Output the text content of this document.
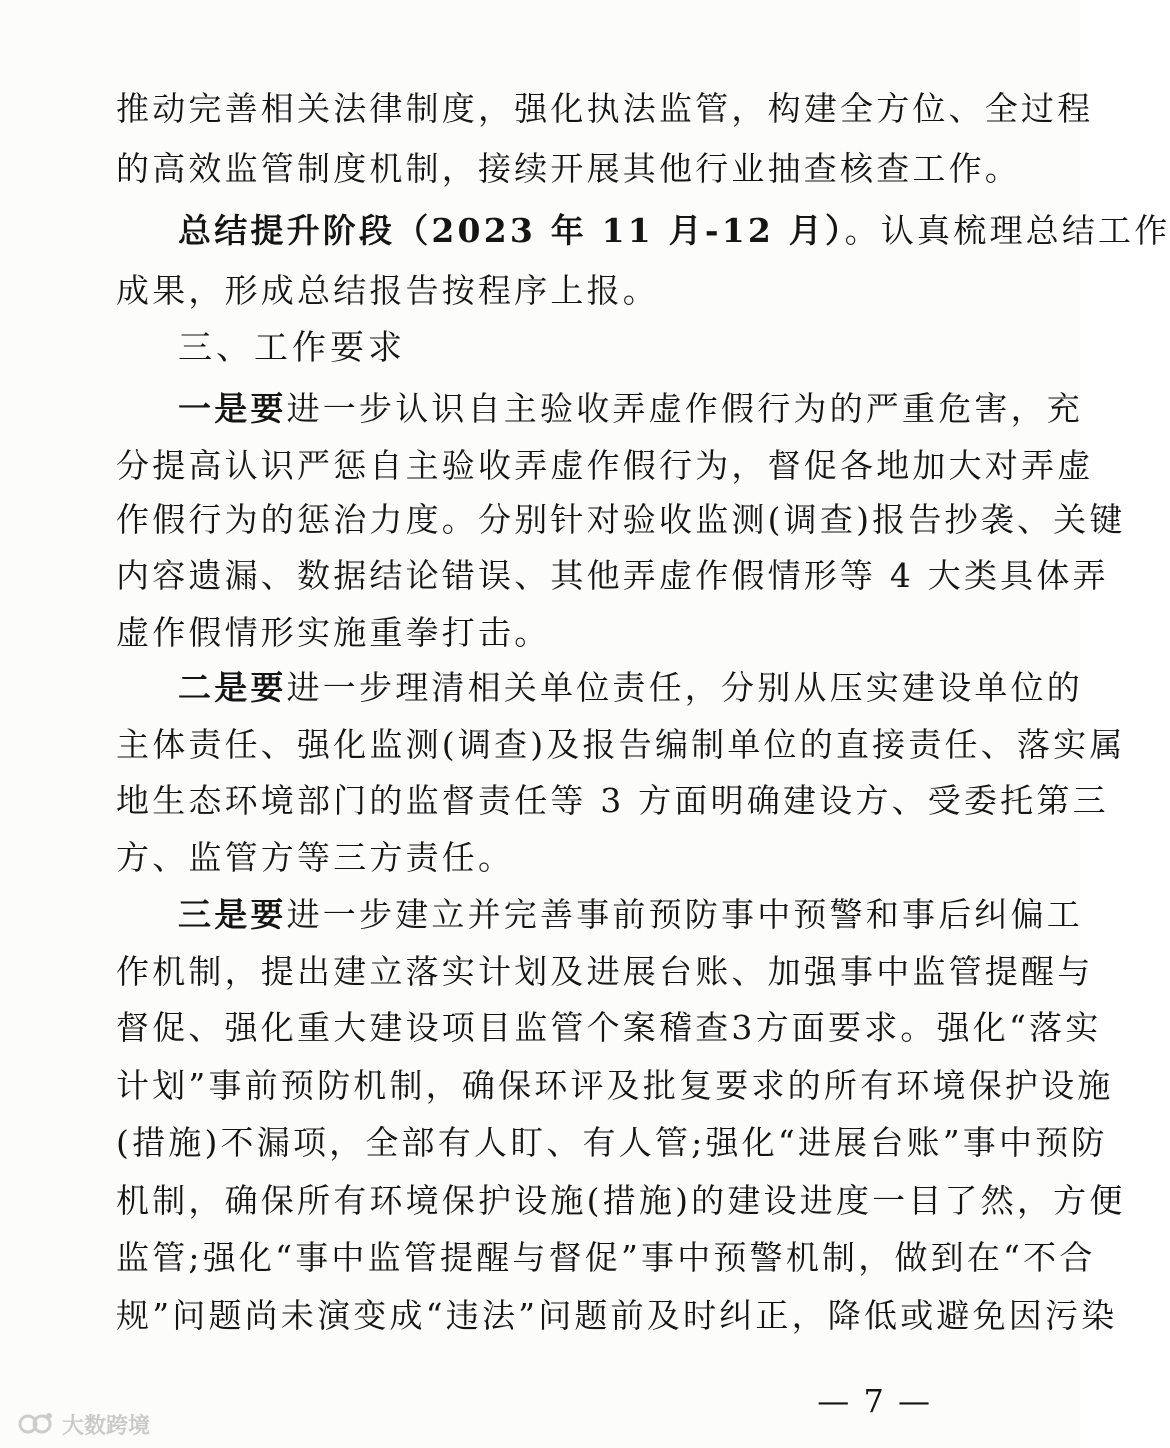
推动完善相关法律制度，强化执法监管，构建全方位、全过程
的高效监管制度机制，接续开展其他行业抽查核查工作。
总结提升阶段（2023 年 11 月-12 月）。认真梳理总结工作
成果，形成总结报告按程序上报。
三、工作要求
一是要进一步认识自主验收弄虚作假行为的严重危害，充
分提高认识严惩自主验收弄虚作假行为，督促各地加大对弄虚
作假行为的惩治力度。分别针对验收监测(调查)报告抄袭、关键
内容遗漏、数据结论错误、其他弄虚作假情形等 4 大类具体弄
虚作假情形实施重拳打击。
二是要进一步理清相关单位责任，分别从压实建设单位的
主体责任、强化监测(调查)及报告编制单位的直接责任、落实属
地生态环境部门的监督责任等 3 方面明确建设方、受委托第三
方、监管方等三方责任。
三是要进一步建立并完善事前预防事中预警和事后纠偏工
作机制，提出建立落实计划及进展台账、加强事中监管提醒与
督促、强化重大建设项目监管个案稽查3方面要求。强化“落实
计划”事前预防机制，确保环评及批复要求的所有环境保护设施
(措施)不漏项，全部有人盯、有人管;强化“进展台账”事中预防
机制，确保所有环境保护设施(措施)的建设进度一目了然，方便
监管;强化“事中监管提醒与督促”事中预警机制，做到在“不合
规”问题尚未演变成“违法”问题前及时纠正，降低或避免因污染
— 7 —
大数跨境
